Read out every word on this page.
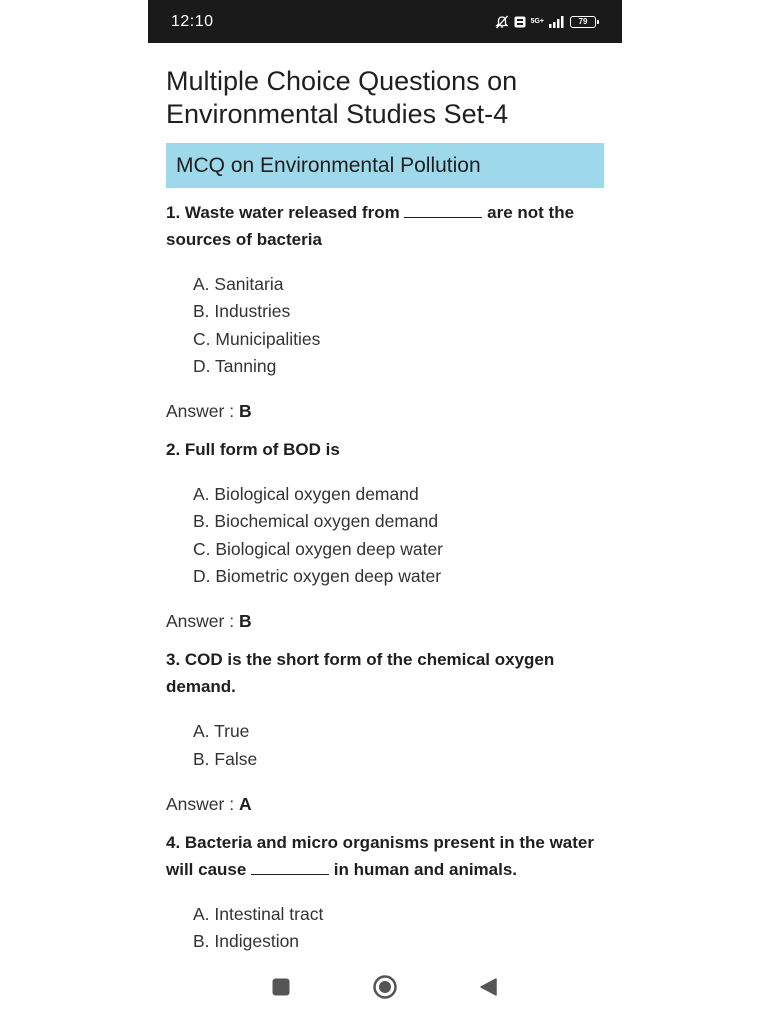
12:10	5G+	79
Multiple Choice Questions on Environmental Studies Set-4
MCQ on Environmental Pollution
1. Waste water released from	are not the sources of bacteria
A. Sanitaria
B. Industries
C. Municipalities
D. Tanning
Answer : B
2. Full form of BOD is
A. Biological oxygen demand
B. Biochemical oxygen demand
C. Biological oxygen deep water
D. Biometric oxygen deep water
Answer : B
3. COD is the short form of the chemical oxygen demand.
A. True
B. False
Answer : A
4. Bacteria and micro organisms present in the water will cause	in human and animals.
A. Intestinal tract
B. Indigestion
